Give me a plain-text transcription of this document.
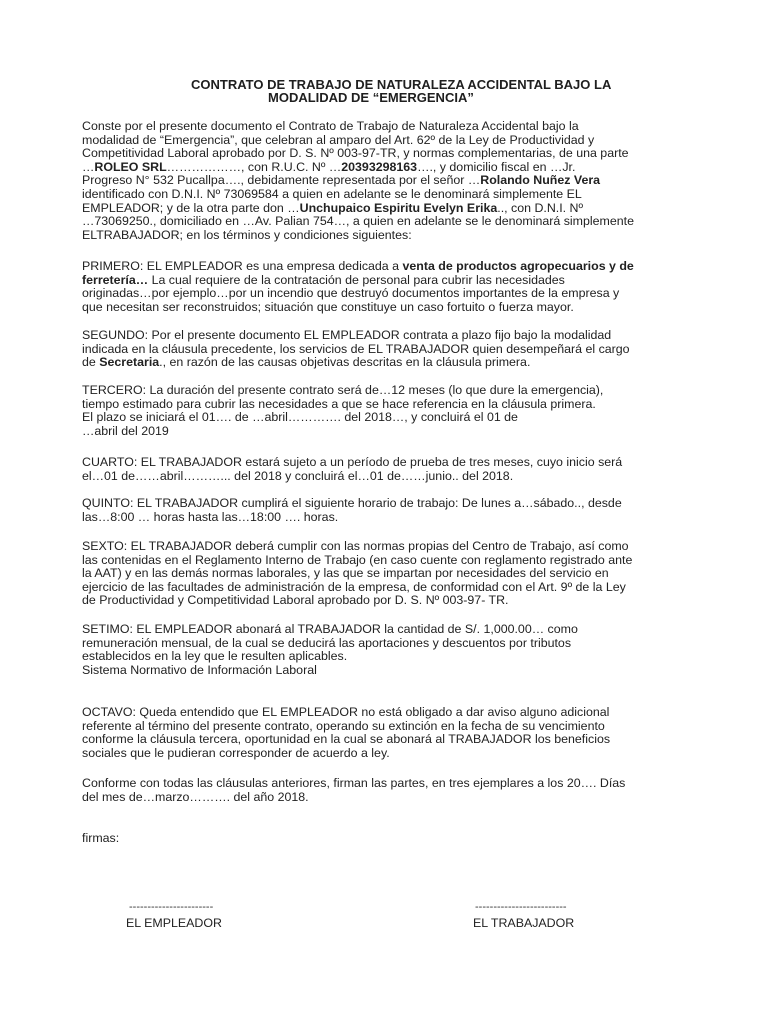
CONTRATO DE TRABAJO DE NATURALEZA ACCIDENTAL BAJO LA
MODALIDAD DE “EMERGENCIA”
Conste por el presente documento el Contrato de Trabajo de Naturaleza Accidental bajo la
modalidad de “Emergencia”, que celebran al amparo del Art. 62º de la Ley de Productividad y
Competitividad Laboral aprobado por D. S. Nº 003-97-TR, y normas complementarias, de una parte
…ROLEO SRL………………, con R.U.C. Nº …20393298163…., y domicilio fiscal en …Jr.
Progreso N° 532 Pucallpa…., debidamente representada por el señor …Rolando Nuñez Vera
identificado con D.N.I. Nº 73069584 a quien en adelante se le denominará simplemente EL
EMPLEADOR; y de la otra parte don …Unchupaico Espiritu Evelyn Erika.., con D.N.I. Nº
…73069250., domiciliado en …Av. Palian 754…, a quien en adelante se le denominará simplemente
ELTRABAJADOR; en los términos y condiciones siguientes:
PRIMERO: EL EMPLEADOR es una empresa dedicada a venta de productos agropecuarios y de
ferretería… La cual requiere de la contratación de personal para cubrir las necesidades
originadas…por ejemplo…por un incendio que destruyó documentos importantes de la empresa y
que necesitan ser reconstruidos; situación que constituye un caso fortuito o fuerza mayor.
SEGUNDO: Por el presente documento EL EMPLEADOR contrata a plazo fijo bajo la modalidad
indicada en la cláusula precedente, los servicios de EL TRABAJADOR quien desempeñará el cargo
de Secretaria., en razón de las causas objetivas descritas en la cláusula primera.
TERCERO: La duración del presente contrato será de…12 meses (lo que dure la emergencia),
tiempo estimado para cubrir las necesidades a que se hace referencia en la cláusula primera.
El plazo se iniciará el 01…. de …abril…………. del 2018…, y concluirá el 01 de
…abril del 2019
CUARTO: EL TRABAJADOR estará sujeto a un período de prueba de tres meses, cuyo inicio será
el…01 de……abril………... del 2018 y concluirá el…01 de……junio.. del 2018.
QUINTO: EL TRABAJADOR cumplirá el siguiente horario de trabajo: De lunes a…sábado.., desde
las…8:00 … horas hasta las…18:00 …. horas.
SEXTO: EL TRABAJADOR deberá cumplir con las normas propias del Centro de Trabajo, así como
las contenidas en el Reglamento Interno de Trabajo (en caso cuente con reglamento registrado ante
la AAT) y en las demás normas laborales, y las que se impartan por necesidades del servicio en
ejercicio de las facultades de administración de la empresa, de conformidad con el Art. 9º de la Ley
de Productividad y Competitividad Laboral aprobado por D. S. Nº 003-97- TR.
SETIMO: EL EMPLEADOR abonará al TRABAJADOR la cantidad de S/. 1,000.00… como
remuneración mensual, de la cual se deducirá las aportaciones y descuentos por tributos
establecidos en la ley que le resulten aplicables.
Sistema Normativo de Información Laboral
OCTAVO: Queda entendido que EL EMPLEADOR no está obligado a dar aviso alguno adicional
referente al término del presente contrato, operando su extinción en la fecha de su vencimiento
conforme la cláusula tercera, oportunidad en la cual se abonará al TRABAJADOR los beneficios
sociales que le pudieran corresponder de acuerdo a ley.
Conforme con todas las cláusulas anteriores, firman las partes, en tres ejemplares a los 20…. Días
del mes de…marzo………. del año 2018.
firmas:
-----------------------
EL EMPLEADOR
-------------------------
EL TRABAJADOR
